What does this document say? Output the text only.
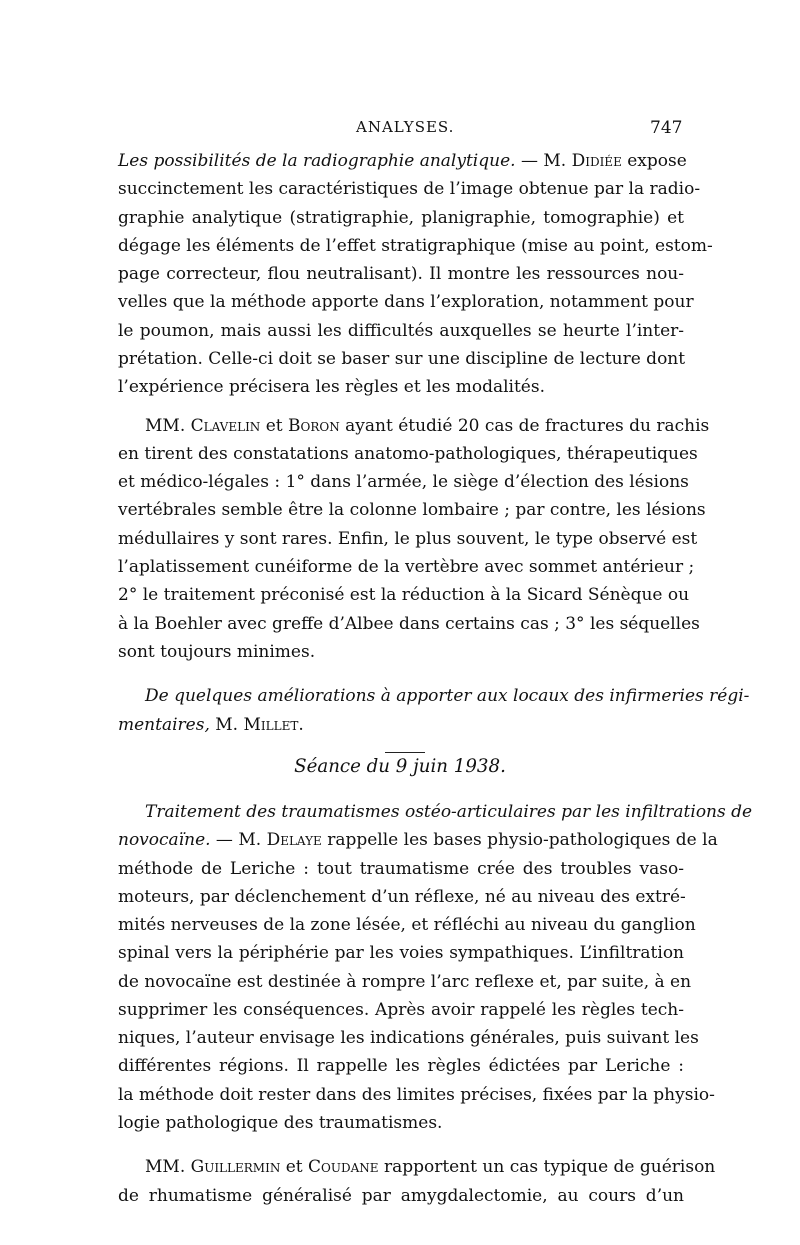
ANALYSES.	747
Les possibilités de la radiographie analytique. — M. Didiée expose
succinctement les caractéristiques de l’image obtenue par la radio-
graphie analytique (stratigraphie, planigraphie, tomographie) et
dégage les éléments de l’effet stratigraphique (mise au point, estom-
page correcteur, flou neutralisant). Il montre les ressources nou-
velles que la méthode apporte dans l’exploration, notamment pour
le poumon, mais aussi les difficultés auxquelles se heurte l’inter-
prétation. Celle-ci doit se baser sur une discipline de lecture dont
l’expérience précisera les règles et les modalités.
MM. Clavelin et Boron ayant étudié 20 cas de fractures du rachis
en tirent des constatations anatomo-pathologiques, thérapeutiques
et médico-légales : 1° dans l’armée, le siège d’élection des lésions
vertébrales semble être la colonne lombaire ; par contre, les lésions
médullaires y sont rares. Enfin, le plus souvent, le type observé est
l’aplatissement cunéiforme de la vertèbre avec sommet antérieur ;
2° le traitement préconisé est la réduction à la Sicard Sénèque ou
à la Boehler avec greffe d’Albee dans certains cas ; 3° les séquelles
sont toujours minimes.
De quelques améliorations à apporter aux locaux des infirmeries régi-
mentaires, M. Millet.
Séance du 9 juin 1938.
Traitement des traumatismes ostéo-articulaires par les infiltrations de
novocaïne. — M. Delaye rappelle les bases physio-pathologiques de la
méthode de Leriche : tout traumatisme crée des troubles vaso-
moteurs, par déclenchement d’un réflexe, né au niveau des extré-
mités nerveuses de la zone lésée, et réfléchi au niveau du ganglion
spinal vers la périphérie par les voies sympathiques. L’infiltration
de novocaïne est destinée à rompre l’arc reflexe et, par suite, à en
supprimer les conséquences. Après avoir rappelé les règles tech-
niques, l’auteur envisage les indications générales, puis suivant les
différentes régions. Il rappelle les règles édictées par Leriche :
la méthode doit rester dans des limites précises, fixées par la physio-
logie pathologique des traumatismes.
MM. Guillermin et Coudane rapportent un cas typique de guérison
de rhumatisme généralisé par amygdalectomie, au cours d’un
